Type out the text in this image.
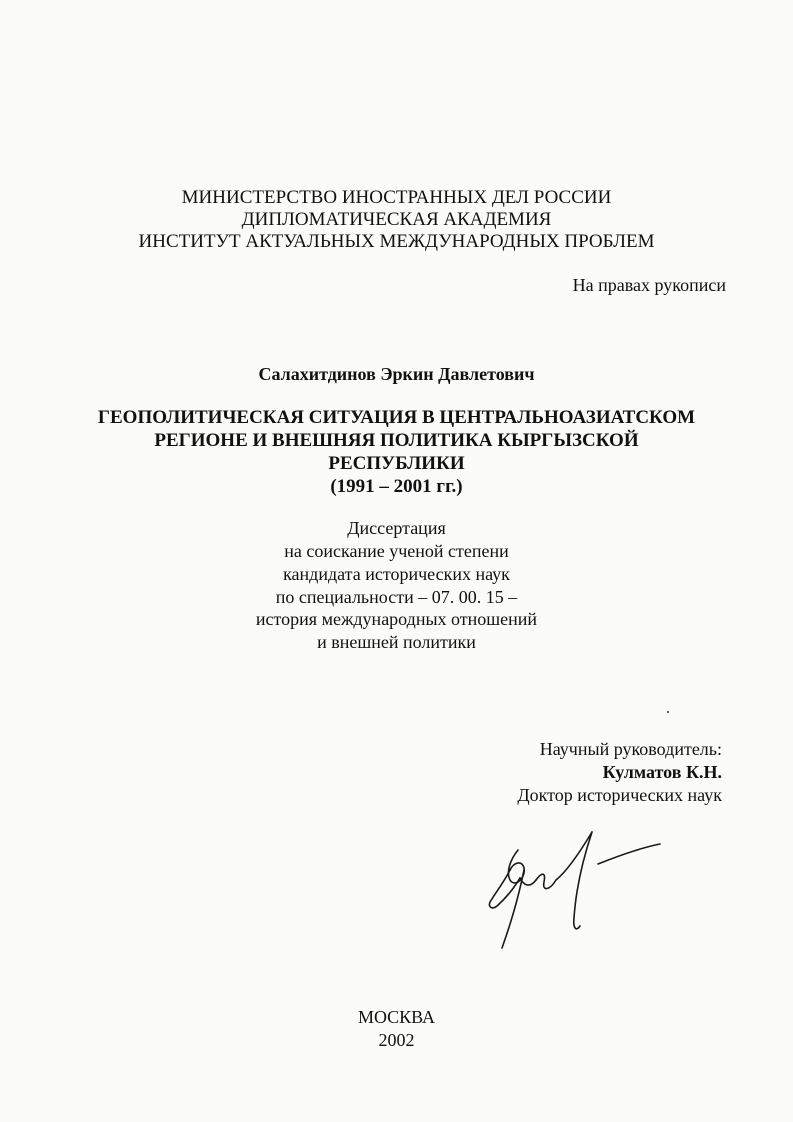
МИНИСТЕРСТВО ИНОСТРАННЫХ ДЕЛ РОССИИ
ДИПЛОМАТИЧЕСКАЯ АКАДЕМИЯ
ИНСТИТУТ АКТУАЛЬНЫХ МЕЖДУНАРОДНЫХ ПРОБЛЕМ
На правах рукописи
Салахитдинов Эркин Давлетович
ГЕОПОЛИТИЧЕСКАЯ СИТУАЦИЯ В ЦЕНТРАЛЬНОАЗИАТСКОМ
РЕГИОНЕ И ВНЕШНЯЯ ПОЛИТИКА КЫРГЫЗСКОЙ
РЕСПУБЛИКИ
(1991 – 2001 гг.)
Диссертация
на соискание ученой степени
кандидата исторических наук
по специальности – 07. 00. 15 –
история международных отношений
и внешней политики
Научный руководитель:
Кулматов К.Н.
Доктор исторических наук
МОСКВА
2002
